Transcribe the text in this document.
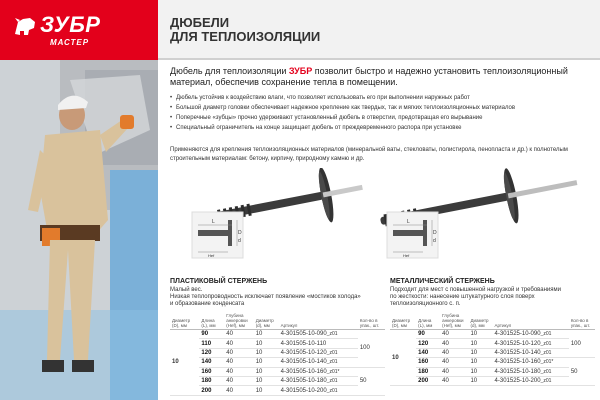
ЗУБР
МАСТЕР
ДЮБЕЛИ
ДЛЯ ТЕПЛОИЗОЛЯЦИИ

Дюбель для теплоизоляции ЗУБР позволит быстро и надежно установить теплоизоляционный материал, обеспечив сохранение тепла в помещении.

• Дюбель устойчив к воздействию влаги, что позволяет использовать его при выполнении наружных работ
• Большой диаметр головки обеспечивает надежное крепление как твердых, так и мягких теплоизоляционных материалов
• Поперечные «зубцы» прочно удерживают установленный дюбель в отверстии, предотвращая его вырывание
• Специальный ограничитель на конце защищает дюбель от преждевременного распора при установке

Применяются для крепления теплоизоляционных материалов (минеральной ваты, стекловаты, полистирола, пенопласта и др.) к полнотелым строительным материалам: бетону, кирпичу, природному камню и др.

L
D
d
Hef
L
D
d
Hef
ПЛАСТИКОВЫЙ СТЕРЖЕНЬ
Малый вес.
Низкая теплопроводность исключает появление «мостиков холода»
и образование конденсата
МЕТАЛЛИЧЕСКИЙ СТЕРЖЕНЬ
Подходит для мест с повышенной нагрузкой и требованиями
по жесткости: нанесение штукатурного слоя поверх
теплоизоляционного с. п.
Диаметр (D), мм	Длина (L), мм	Глубина анкеровки (Hef), мм	Диаметр (d), мм	Артикул	Кол-во в упак., шт.
10	90	40	10	4-301505-10-090_z01	100
	110	40	10	4-301505-10-110	
	120	40	10	4-301505-10-120_z01	
	140	40	10	4-301505-10-140_z01	
	160	40	10	4-301505-10-160_z01*	50
	180	40	10	4-301505-10-180_z01	
	200	40	10	4-301505-10-200_z01	
Диаметр (D), мм	Длина (L), мм	Глубина анкеровки (Hef), мм	Диаметр (d), мм	Артикул	Кол-во в упак., шт.
10	90	40	10	4-301525-10-090_z01	100
	120	40	10	4-301525-10-120_z01	
	140	40	10	4-301525-10-140_z01	
	160	40	10	4-301525-10-160_z01*	50
	180	40	10	4-301525-10-180_z01	
	200	40	10	4-301525-10-200_z01	
